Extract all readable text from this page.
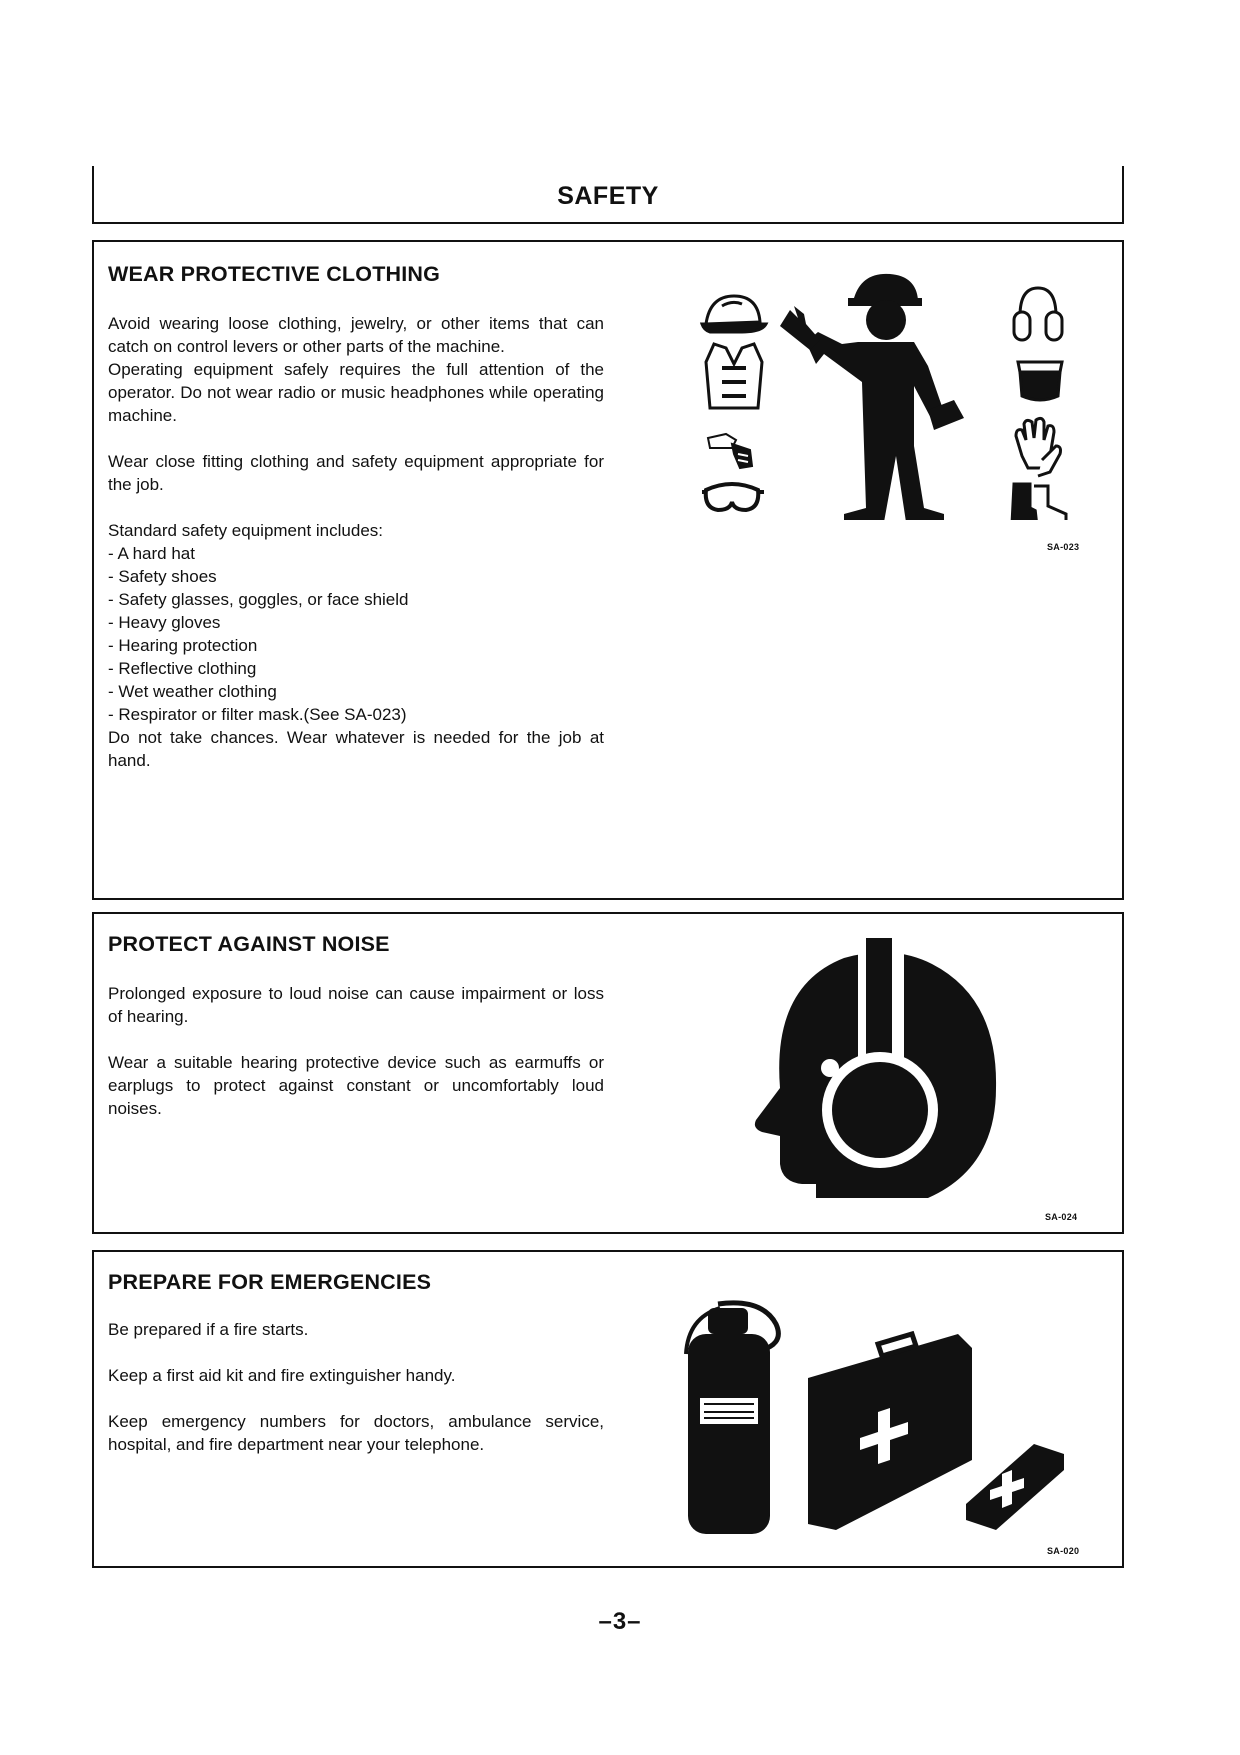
SAFETY
WEAR PROTECTIVE CLOTHING

Avoid wearing loose clothing, jewelry, or other items that can catch on control levers or other parts of the machine.

Operating equipment safely requires the full attention of the operator. Do not wear radio or music headphones while operating machine.

Wear close fitting clothing and safety equipment appropriate for the job.

Standard safety equipment includes:

- A hard hat

- Safety shoes

- Safety glasses, goggles, or face shield

- Heavy gloves

- Hearing protection

- Reflective clothing

- Wet weather clothing

- Respirator or filter mask.(See SA-023)

Do not take chances. Wear whatever is needed for the job at hand.

SA-023
PROTECT AGAINST NOISE

Prolonged exposure to loud noise can cause impairment or loss of hearing.

Wear a suitable hearing protective device such as earmuffs or earplugs to protect against constant or uncomfortably loud noises.

SA-024
PREPARE FOR EMERGENCIES

Be prepared if a fire starts.

Keep a first aid kit and fire extinguisher handy.

Keep emergency numbers for doctors, ambulance service, hospital, and fire department near your telephone.

SA-020
–3–
